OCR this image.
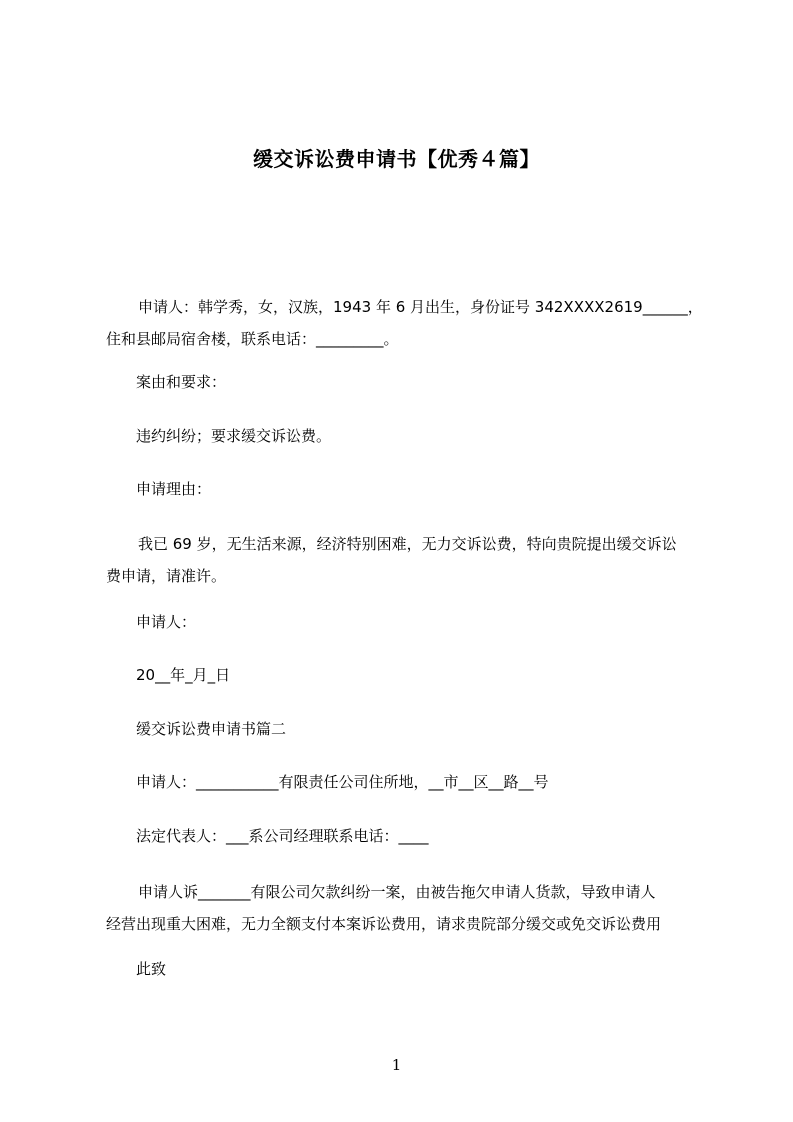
缓交诉讼费申请书【优秀４篇】
申请人：韩学秀，女，汉族，1943 年 6 月出生，身份证号 342XXXX2619______，
住和县邮局宿舍楼，联系电话：_________。
案由和要求：
违约纠纷；要求缓交诉讼费。
申请理由：
我已 69 岁，无生活来源，经济特别困难，无力交诉讼费，特向贵院提出缓交诉讼
费申请，请准许。
申请人：
20__年_月_日
缓交诉讼费申请书篇二
申请人：___________有限责任公司住所地，__市__区__路__号
法定代表人：___系公司经理联系电话：____
申请人诉_______有限公司欠款纠纷一案，由被告拖欠申请人货款，导致申请人
经营出现重大困难，无力全额支付本案诉讼费用，请求贵院部分缓交或免交诉讼费用
此致
1
